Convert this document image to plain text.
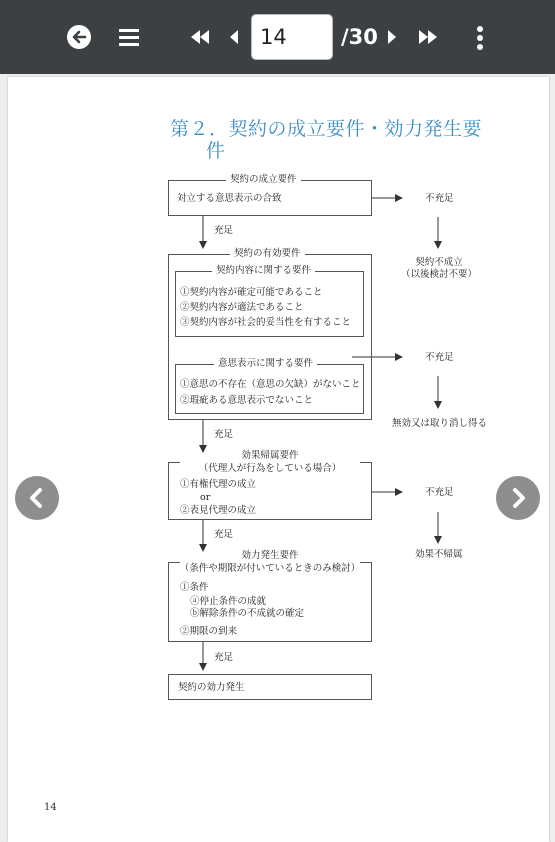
14
/30
第２．契約の成立要件・効力発生要
件
契約の成立要件
対立する意思表示の合致	不充足
充足
契約不成立
（以後検討不要）
契約の有効要件
契約内容に関する要件
①契約内容が確定可能であること
②契約内容が適法であること
③契約内容が社会的妥当性を有すること
意思表示に関する要件
①意思の不存在（意思の欠缺）がないこと
②瑕疵ある意思表示でないこと
不充足
無効又は取り消し得る
充足
効果帰属要件
（代理人が行為をしている場合）
①有権代理の成立
or
②表見代理の成立
不充足
効果不帰属
充足
効力発生要件
（条件や期限が付いているときのみ検討）
①条件
ⓐ停止条件の成就
ⓑ解除条件の不成就の確定
②期限の到来
充足
契約の効力発生
14
